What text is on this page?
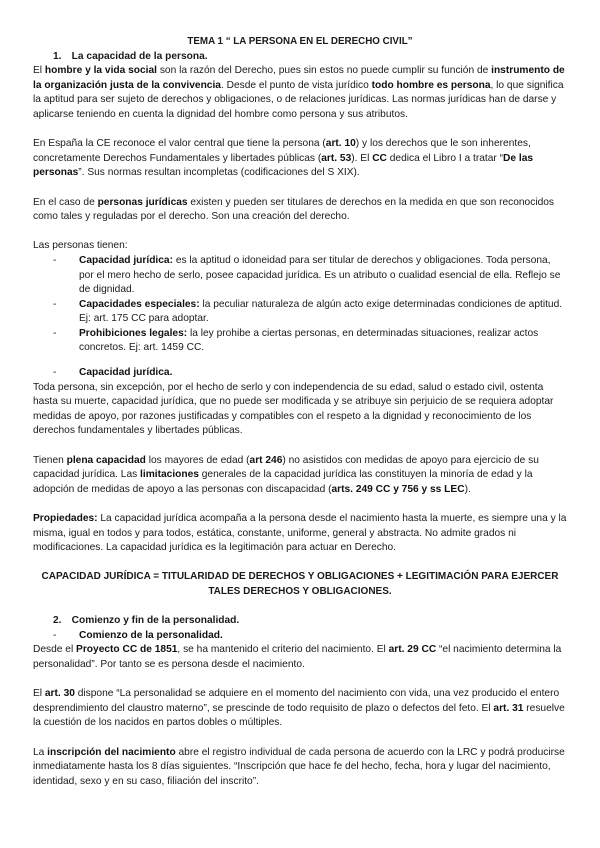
TEMA 1 “ LA PERSONA EN EL DERECHO CIVIL”

1. La capacidad de la persona.

El hombre y la vida social son la razón del Derecho, pues sin estos no puede cumplir su función de instrumento de la organización justa de la convivencia. Desde el punto de vista jurídico todo hombre es persona, lo que significa la aptitud para ser sujeto de derechos y obligaciones, o de relaciones jurídicas. Las normas jurídicas han de darse y aplicarse teniendo en cuenta la dignidad del hombre como persona y sus atributos.

En España la CE reconoce el valor central que tiene la persona (art. 10) y los derechos que le son inherentes, concretamente Derechos Fundamentales y libertades públicas (art. 53). El CC dedica el Libro I a tratar “De las personas”. Sus normas resultan incompletas (codificaciones del S XIX).

En el caso de personas jurídicas existen y pueden ser titulares de derechos en la medida en que son reconocidos como tales y reguladas por el derecho. Son una creación del derecho.

Las personas tienen:

- Capacidad jurídica: es la aptitud o idoneidad para ser titular de derechos y obligaciones. Toda persona, por el mero hecho de serlo, posee capacidad jurídica. Es un atributo o cualidad esencial de ella. Reflejo se de dignidad.
- Capacidades especiales: la peculiar naturaleza de algún acto exige determinadas condiciones de aptitud. Ej: art. 175 CC para adoptar.
- Prohibiciones legales: la ley prohibe a ciertas personas, en determinadas situaciones, realizar actos concretos. Ej: art. 1459 CC.
- Capacidad jurídica.

Toda persona, sin excepción, por el hecho de serlo y con independencia de su edad, salud o estado civil, ostenta hasta su muerte, capacidad jurídica, que no puede ser modificada y se atribuye sin perjuicio de se requiera adoptar medidas de apoyo, por razones justificadas y compatibles con el respeto a la dignidad y reconocimiento de los derechos fundamentales y libertades públicas.

Tienen plena capacidad los mayores de edad (art 246) no asistidos con medidas de apoyo para ejercicio de su capacidad jurídica. Las limitaciones generales de la capacidad jurídica las constituyen la minoría de edad y la adopción de medidas de apoyo a las personas con discapacidad (arts. 249 CC y 756 y ss LEC).

Propiedades: La capacidad jurídica acompaña a la persona desde el nacimiento hasta la muerte, es siempre una y la misma, igual en todos y para todos, estática, constante, uniforme, general y abstracta. No admite grados ni modificaciones. La capacidad jurídica es la legitimación para actuar en Derecho.

CAPACIDAD JURÍDICA = TITULARIDAD DE DERECHOS Y OBLIGACIONES + LEGITIMACIÓN PARA EJERCER TALES DERECHOS Y OBLIGACIONES.

2. Comienzo y fin de la personalidad.

- Comienzo de la personalidad.

Desde el Proyecto CC de 1851, se ha mantenido el criterio del nacimiento. El art. 29 CC “el nacimiento determina la personalidad”. Por tanto se es persona desde el nacimiento.

El art. 30 dispone “La personalidad se adquiere en el momento del nacimiento con vida, una vez producido el entero desprendimiento del claustro materno”, se prescinde de todo requisito de plazo o defectos del feto. El art. 31 resuelve la cuestión de los nacidos en partos dobles o múltiples.

La inscripción del nacimiento abre el registro individual de cada persona de acuerdo con la LRC y podrá producirse inmediatamente hasta los 8 días siguientes. “Inscripción que hace fe del hecho, fecha, hora y lugar del nacimiento, identidad, sexo y en su caso, filiación del inscrito”.
